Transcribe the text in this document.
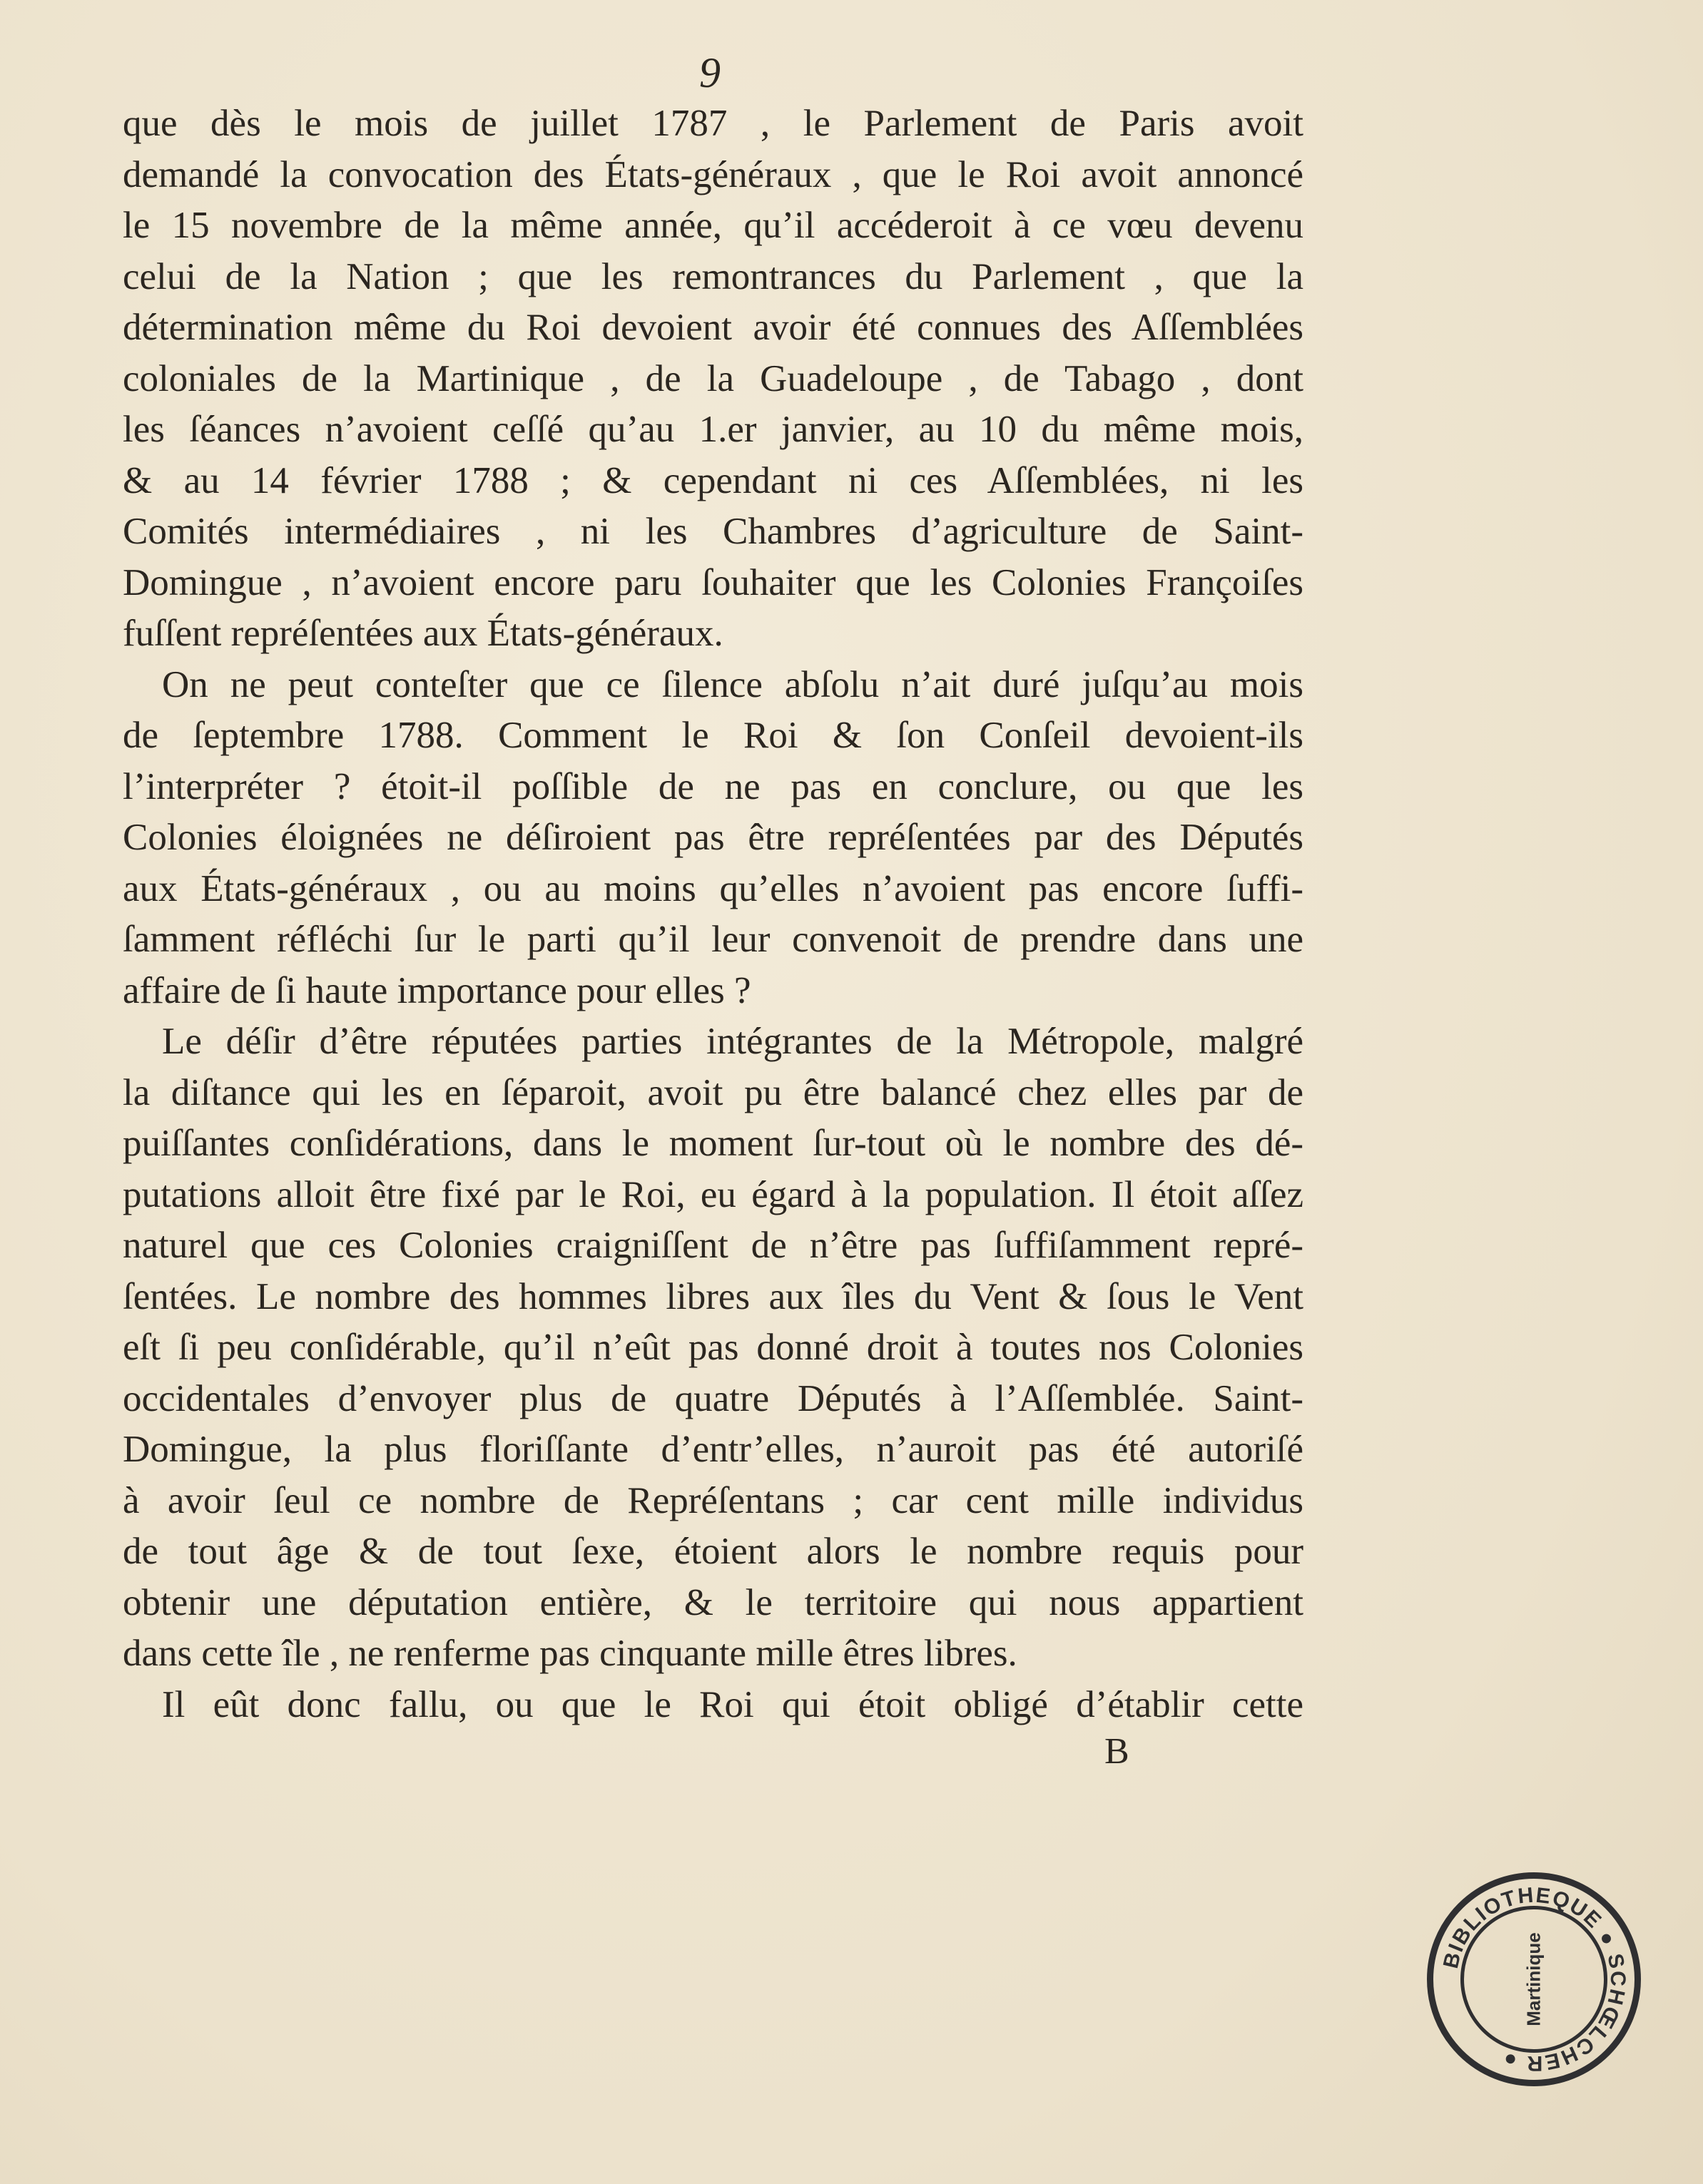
9
que dès le mois de juillet 1787 , le Parlement de Paris avoit
demandé la convocation des États-généraux , que le Roi avoit annoncé
le 15 novembre de la même année, qu’il accéderoit à ce vœu devenu
celui de la Nation ; que les remontrances du Parlement , que la
détermination même du Roi devoient avoir été connues des Aſſemblées
coloniales de la Martinique , de la Guadeloupe , de Tabago , dont
les ſéances n’avoient ceſſé qu’au 1.er janvier, au 10 du même mois,
& au 14 février 1788 ; & cependant ni ces Aſſemblées, ni les
Comités intermédiaires , ni les Chambres d’agriculture de Saint-
Domingue , n’avoient encore paru ſouhaiter que les Colonies Françoiſes
fuſſent repréſentées aux États-généraux.
On ne peut conteſter que ce ſilence abſolu n’ait duré juſqu’au mois
de ſeptembre 1788. Comment le Roi & ſon Conſeil devoient-ils
l’interpréter ? étoit-il poſſible de ne pas en conclure, ou que les
Colonies éloignées ne déſiroient pas être repréſentées par des Députés
aux États-généraux , ou au moins qu’elles n’avoient pas encore ſuffi-
ſamment réfléchi ſur le parti qu’il leur convenoit de prendre dans une
affaire de ſi haute importance pour elles ?
Le déſir d’être réputées parties intégrantes de la Métropole, malgré
la diſtance qui les en ſéparoit, avoit pu être balancé chez elles par de
puiſſantes conſidérations, dans le moment ſur-tout où le nombre des dé-
putations alloit être fixé par le Roi, eu égard à la population. Il étoit aſſez
naturel que ces Colonies craigniſſent de n’être pas ſuffiſamment repré-
ſentées. Le nombre des hommes libres aux îles du Vent & ſous le Vent
eſt ſi peu conſidérable, qu’il n’eût pas donné droit à toutes nos Colonies
occidentales d’envoyer plus de quatre Députés à l’Aſſemblée. Saint-
Domingue, la plus floriſſante d’entr’elles, n’auroit pas été autoriſé
à avoir ſeul ce nombre de Repréſentans ; car cent mille individus
de tout âge & de tout ſexe, étoient alors le nombre requis pour
obtenir une députation entière, & le territoire qui nous appartient
dans cette île , ne renferme pas cinquante mille êtres libres.
Il eût donc fallu, ou que le Roi qui étoit obligé d’établir cette
B
BIBLIOTHEQUE ● SCHŒLCHER ●
Martinique
